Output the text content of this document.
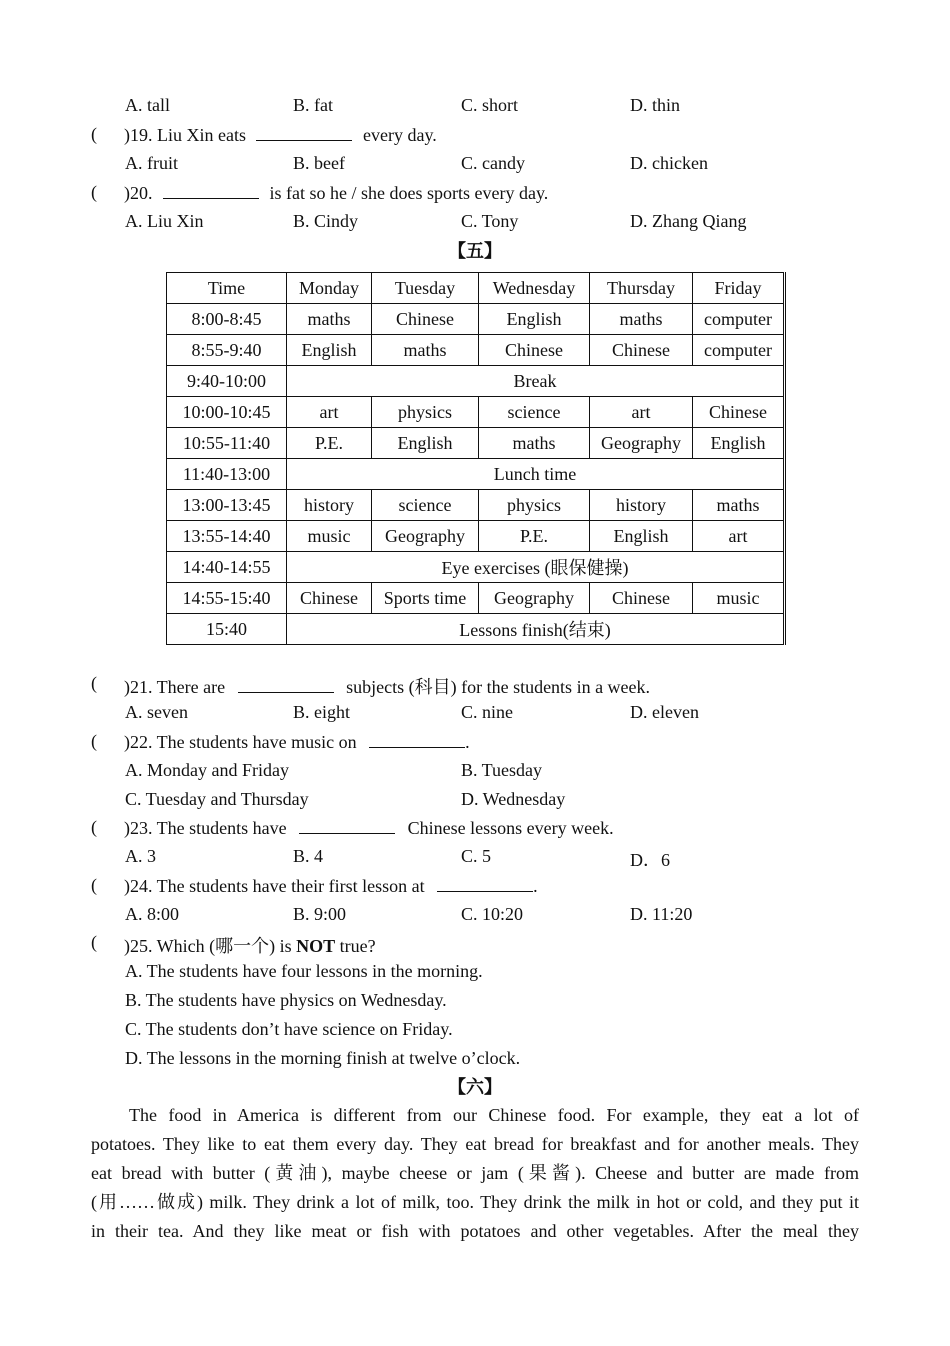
A. tall	B. fat	C. short	D. thin
( )19. Liu Xin eats	every day.
A. fruit	B. beef	C. candy	D. chicken
( )20.	is fat so he / she does sports every day.
A. Liu Xin	B. Cindy	C. Tony	D. Zhang Qiang
【五】
Time	Monday	Tuesday	Wednesday	Thursday	Friday
8:00-8:45	maths	Chinese	English	maths	computer
8:55-9:40	English	maths	Chinese	Chinese	computer
9:40-10:00	Break				
10:00-10:45	art	physics	science	art	Chinese
10:55-11:40	P.E.	English	maths	Geography	English
11:40-13:00	Lunch time				
13:00-13:45	history	science	physics	history	maths
13:55-14:40	music	Geography	P.E.	English	art
14:40-14:55	Eye exercises (眼保健操)				
14:55-15:40	Chinese	Sports time	Geography	Chinese	music
15:40	Lessons finish(结束)				
( )21. There are	subjects (科目) for the students in a week.
A. seven	B. eight	C. nine	D. eleven
( )22. The students have music on	.
A. Monday and Friday	B. Tuesday
C. Tuesday and Thursday	D. Wednesday
( )23. The students have	Chinese lessons every week.
A. 3	B. 4	C. 5	D．6
( )24. The students have their first lesson at	.
A. 8:00	B. 9:00	C. 10:20	D. 11:20
( )25. Which (哪一个) is NOT true?
A. The students have four lessons in the morning.
B. The students have physics on Wednesday.
C. The students don’t have science on Friday.
D. The lessons in the morning finish at twelve o’clock.
【六】
The food in America is different from our Chinese food. For example, they eat a lot of
potatoes. They like to eat them every day. They eat bread for breakfast and for another meals. They
eat bread with butter (黄油), maybe cheese or jam (果酱). Cheese and butter are made from
(用……做成) milk. They drink a lot of milk, too. They drink the milk in hot or cold, and they put it
in their tea. And they like meat or fish with potatoes and other vegetables. After the meal they
